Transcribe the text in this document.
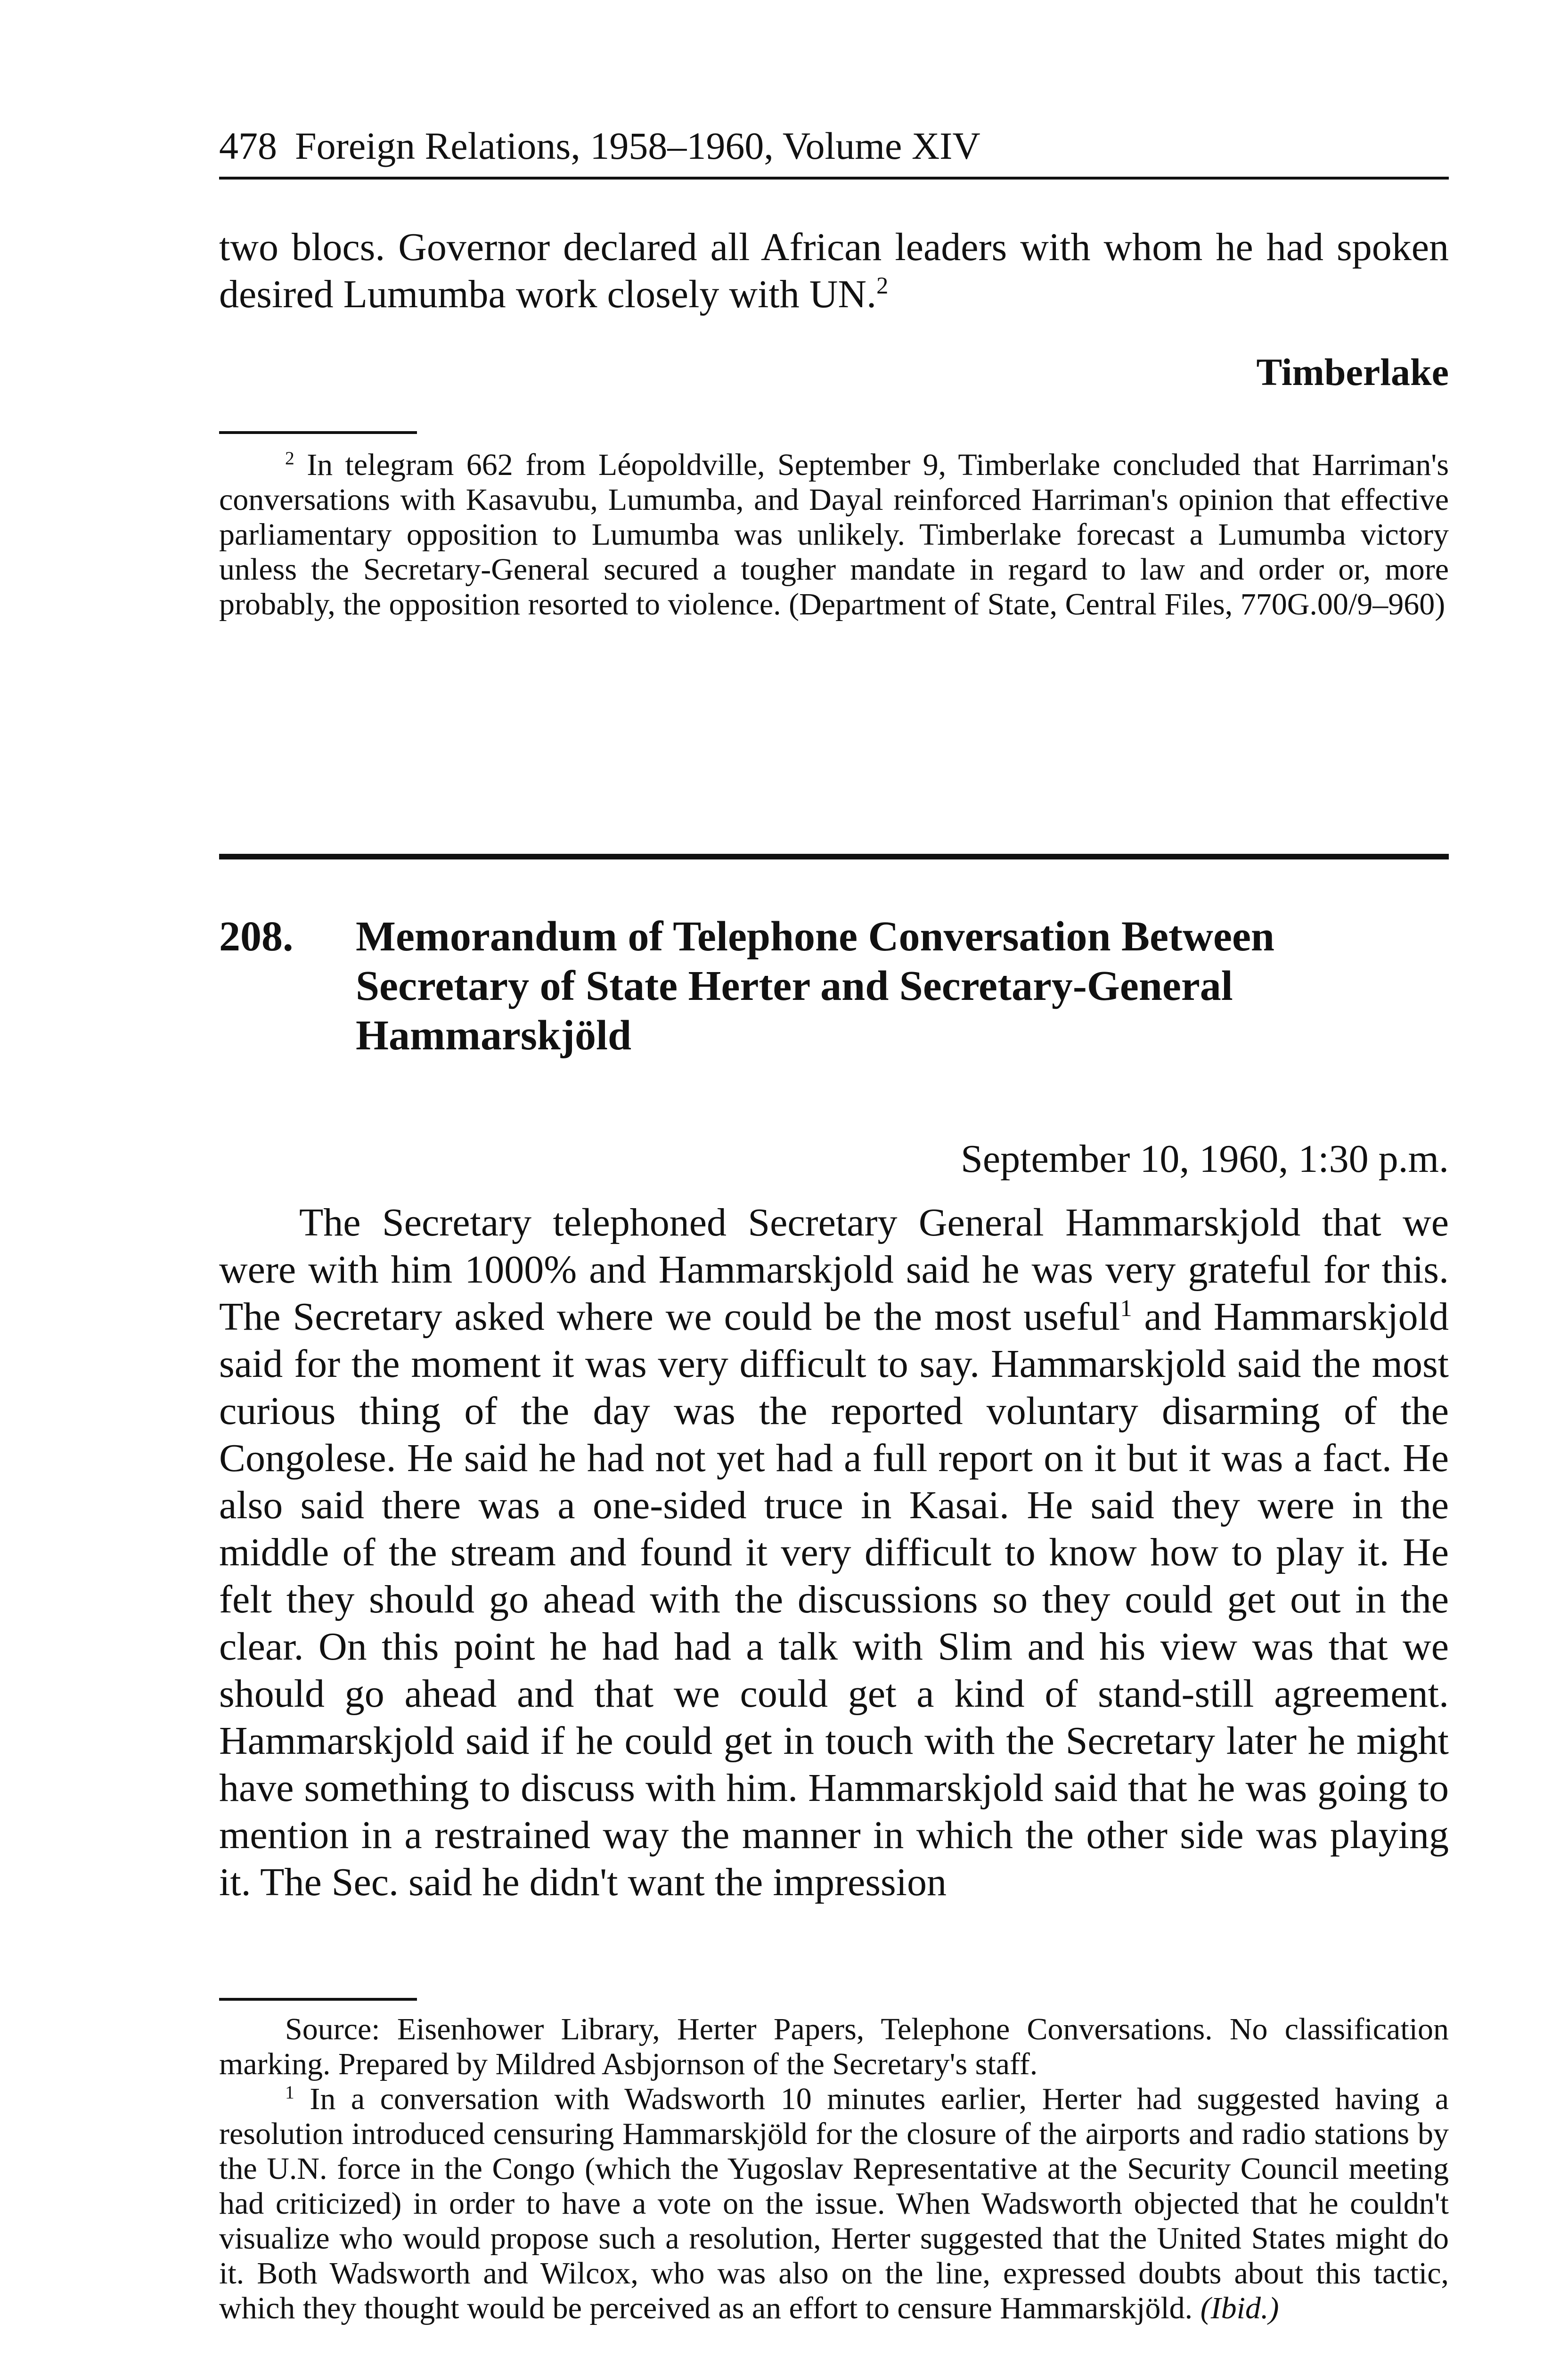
478 Foreign Relations, 1958–1960, Volume XIV

two blocs. Governor declared all African leaders with whom he had spoken desired Lumumba work closely with UN.$^2$

Timberlake

$^2$ In telegram 662 from Léopoldville, September 9, Timberlake concluded that Harriman's conversations with Kasavubu, Lumumba, and Dayal reinforced Harriman's opinion that effective parliamentary opposition to Lumumba was unlikely. Timberlake forecast a Lumumba victory unless the Secretary-General secured a tougher mandate in regard to law and order or, more probably, the opposition resorted to violence. (Department of State, Central Files, 770G.00/9–960)

208. Memorandum of Telephone Conversation Between Secretary of State Herter and Secretary-General Hammarskjöld
September 10, 1960, 1:30 p.m.

The Secretary telephoned Secretary General Hammarskjold that we were with him 1000% and Hammarskjold said he was very grateful for this. The Secretary asked where we could be the most useful$^1$ and Hammarskjold said for the moment it was very difficult to say. Hammarskjold said the most curious thing of the day was the reported voluntary disarming of the Congolese. He said he had not yet had a full report on it but it was a fact. He also said there was a one-sided truce in Kasai. He said they were in the middle of the stream and found it very difficult to know how to play it. He felt they should go ahead with the discussions so they could get out in the clear. On this point he had had a talk with Slim and his view was that we should go ahead and that we could get a kind of stand-still agreement. Hammarskjold said if he could get in touch with the Secretary later he might have something to discuss with him. Hammarskjold said that he was going to mention in a restrained way the manner in which the other side was playing it. The Sec. said he didn't want the impression

Source: Eisenhower Library, Herter Papers, Telephone Conversations. No classification marking. Prepared by Mildred Asbjornson of the Secretary's staff.

$^1$ In a conversation with Wadsworth 10 minutes earlier, Herter had suggested having a resolution introduced censuring Hammarskjöld for the closure of the airports and radio stations by the U.N. force in the Congo (which the Yugoslav Representative at the Security Council meeting had criticized) in order to have a vote on the issue. When Wadsworth objected that he couldn't visualize who would propose such a resolution, Herter suggested that the United States might do it. Both Wadsworth and Wilcox, who was also on the line, expressed doubts about this tactic, which they thought would be perceived as an effort to censure Hammarskjöld. (Ibid.)
